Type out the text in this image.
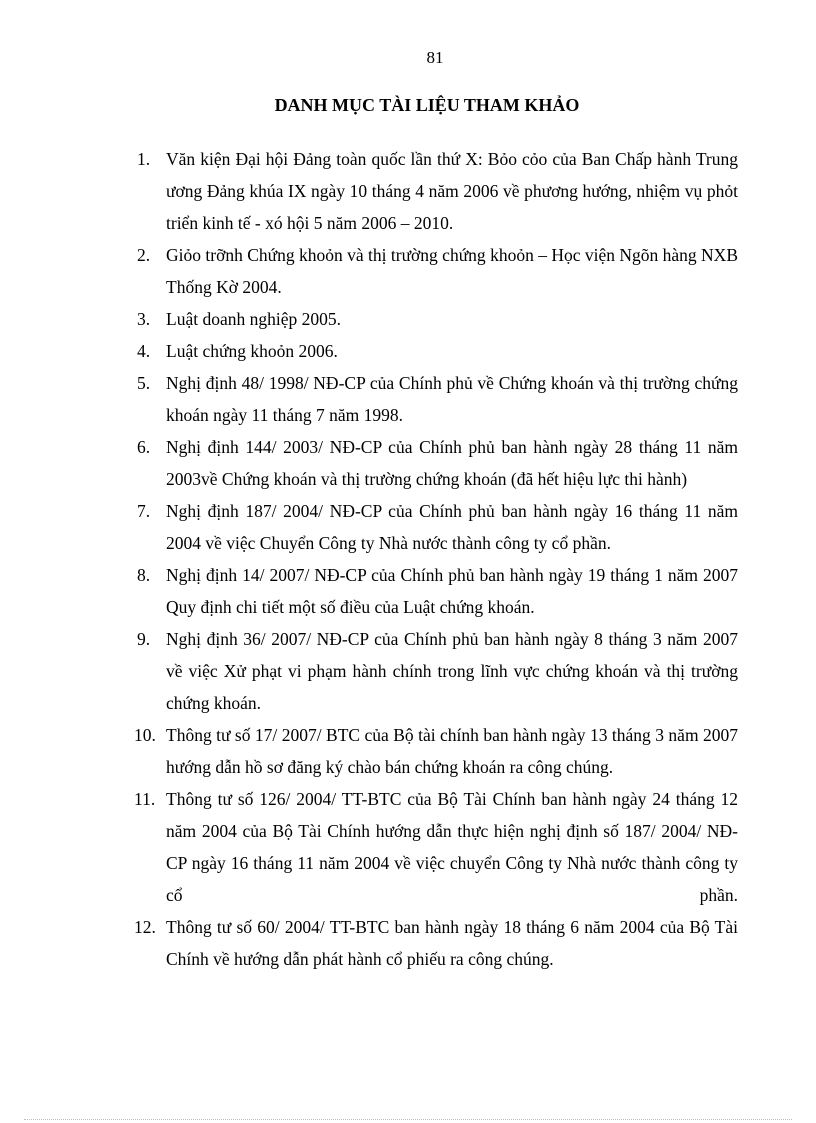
81
DANH MỤC TÀI LIỆU THAM KHẢO
1. Văn kiện Đại hội Đảng toàn quốc lần thứ X: Bỏo cỏo của Ban Chấp hành Trung ương Đảng khúa IX ngày 10 tháng 4 năm 2006 về phương hướng, nhiệm vụ phỏt triển kinh tế - xó hội 5 năm 2006 – 2010.
2. Giỏo trỡnh Chứng khoỏn và thị trường chứng khoỏn – Học viện Ngõn hàng NXB Thống Kờ 2004.
3. Luật doanh nghiệp 2005.
4. Luật chứng khoỏn 2006.
5. Nghị định 48/ 1998/ NĐ-CP của Chính phủ về Chứng khoán và thị trường chứng khoán ngày 11 tháng 7 năm 1998.
6. Nghị định 144/ 2003/ NĐ-CP của Chính phủ ban hành ngày 28 tháng 11 năm 2003về Chứng khoán và thị trường chứng khoán (đã hết hiệu lực thi hành)
7. Nghị định 187/ 2004/ NĐ-CP của Chính phủ ban hành ngày 16 tháng 11 năm 2004 về việc Chuyển Công ty Nhà nước thành công ty cổ phần.
8. Nghị định 14/ 2007/ NĐ-CP của Chính phủ ban hành ngày 19 tháng 1 năm 2007 Quy định chi tiết một số điều của Luật chứng khoán.
9. Nghị định 36/ 2007/ NĐ-CP của Chính phủ ban hành ngày 8 tháng 3 năm 2007 về việc Xử phạt vi phạm hành chính trong lĩnh vực chứng khoán và thị trường chứng khoán.
10. Thông tư số 17/ 2007/ BTC của Bộ tài chính ban hành ngày 13 tháng 3 năm 2007 hướng dẫn hồ sơ đăng ký chào bán chứng khoán ra công chúng.
11. Thông tư số 126/ 2004/ TT-BTC của Bộ Tài Chính ban hành ngày 24 tháng 12 năm 2004 của Bộ Tài Chính hướng dẫn thực hiện nghị định số 187/ 2004/ NĐ-CP ngày 16 tháng 11 năm 2004 về việc chuyển Công ty Nhà nước thành công ty cổ phần.
12. Thông tư số 60/ 2004/ TT-BTC ban hành ngày 18 tháng 6 năm 2004 của Bộ Tài Chính về hướng dẫn phát hành cổ phiếu ra công chúng.
